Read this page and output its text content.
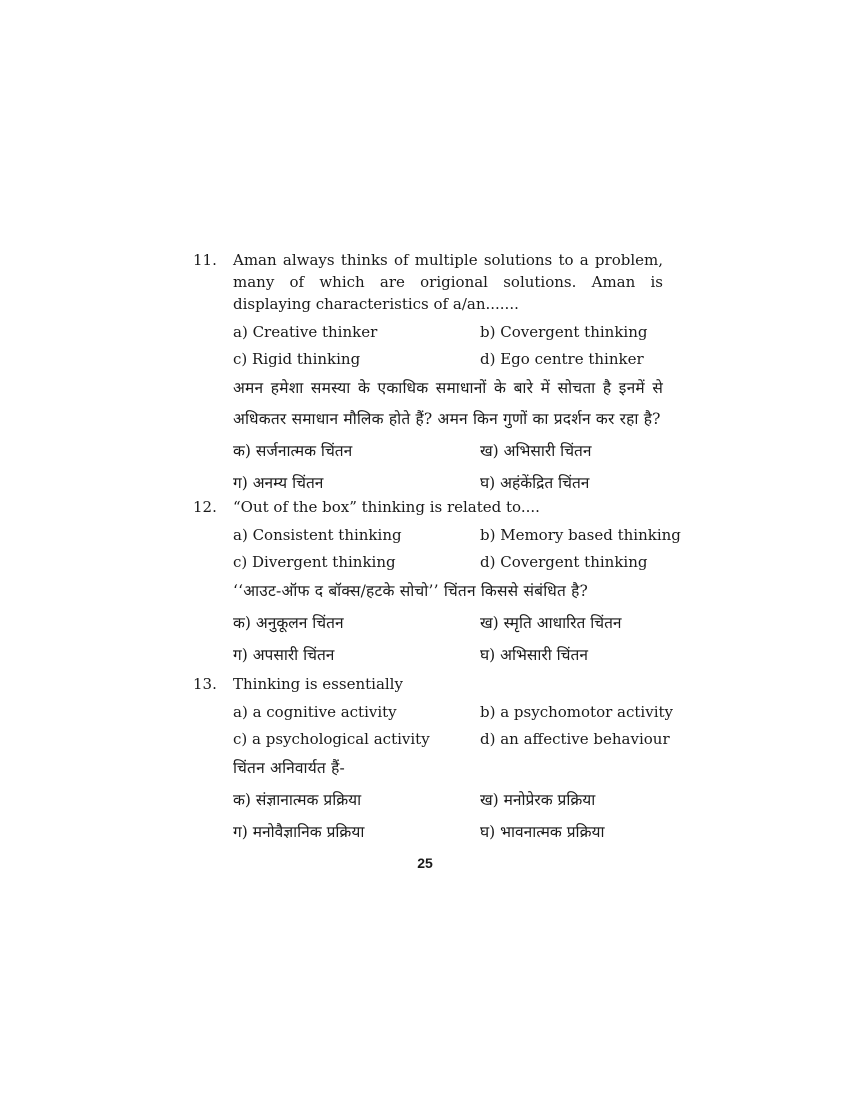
11. Aman always thinks of multiple solutions to a problem, many of which are origional solutions. Aman is displaying characteristics of a/an.......

a) Creative thinker	b) Covergent thinking
c) Rigid thinking	d) Ego centre thinker

अमन हमेशा समस्या के एकाधिक समाधानों के बारे में सोचता है इनमें से अधिकतर समाधान मौलिक होते हैं? अमन किन गुणों का प्रदर्शन कर रहा है?

क) सर्जनात्मक चिंतन	ख) अभिसारी चिंतन
ग) अनम्य चिंतन	घ) अहंकेंद्रित चिंतन
12. “Out of the box” thinking is related to....

a) Consistent thinking	b) Memory based thinking
c) Divergent thinking	d) Covergent thinking

‘‘आउट-ऑफ द बॉक्स/हटके सोचो’’ चिंतन किससे संबंधित है?

क) अनुकूलन चिंतन	ख) स्मृति आधारित चिंतन
ग) अपसारी चिंतन	घ) अभिसारी चिंतन
13. Thinking is essentially

a) a cognitive activity	b) a psychomotor activity
c) a psychological activity	d) an affective behaviour

चिंतन अनिवार्यत हैं-

क) संज्ञानात्मक प्रक्रिया	ख) मनोप्रेरक प्रक्रिया
ग) मनोवैज्ञानिक प्रक्रिया	घ) भावनात्मक प्रक्रिया
25
